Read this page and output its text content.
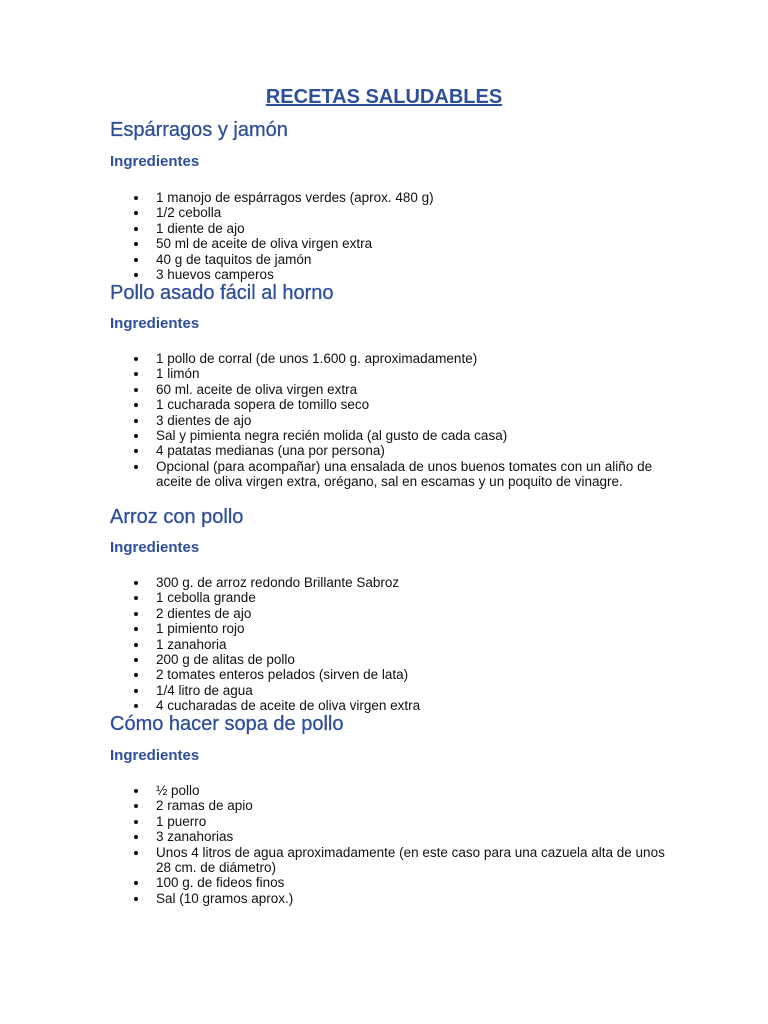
RECETAS SALUDABLES
Espárragos y jamón
Ingredientes
1 manojo de espárragos verdes (aprox. 480 g)
1/2 cebolla
1 diente de ajo
50 ml de aceite de oliva virgen extra
40 g de taquitos de jamón
3 huevos camperos
Pollo asado fácil al horno
Ingredientes
1 pollo de corral (de unos 1.600 g. aproximadamente)
1 limón
60 ml. aceite de oliva virgen extra
1 cucharada sopera de tomillo seco
3 dientes de ajo
Sal y pimienta negra recién molida (al gusto de cada casa)
4 patatas medianas (una por persona)
Opcional (para acompañar) una ensalada de unos buenos tomates con un aliño de aceite de oliva virgen extra, orégano, sal en escamas y un poquito de vinagre.
Arroz con pollo
Ingredientes
300 g. de arroz redondo Brillante Sabroz
1 cebolla grande
2 dientes de ajo
1 pimiento rojo
1 zanahoria
200 g de alitas de pollo
2 tomates enteros pelados (sirven de lata)
1/4 litro de agua
4 cucharadas de aceite de oliva virgen extra
Cómo hacer sopa de pollo
Ingredientes
½ pollo
2 ramas de apio
1 puerro
3 zanahorias
Unos 4 litros de agua aproximadamente (en este caso para una cazuela alta de unos 28 cm. de diámetro)
100 g. de fideos finos
Sal (10 gramos aprox.)
